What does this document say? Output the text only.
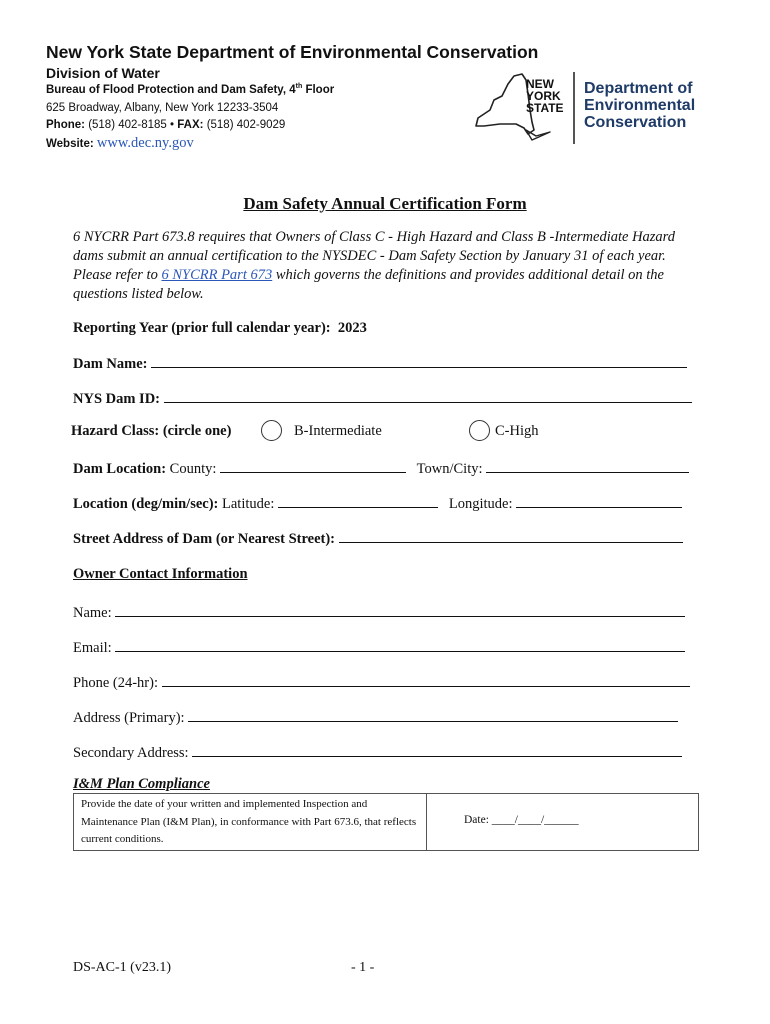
New York State Department of Environmental Conservation
Division of Water
Bureau of Flood Protection and Dam Safety, 4th Floor
625 Broadway, Albany, New York 12233-3504
Phone: (518) 402-8185 • FAX: (518) 402-9029
Website: www.dec.ny.gov
NEW
YORK
STATE
Department of
Environmental
Conservation
Dam Safety Annual Certification Form
6 NYCRR Part 673.8 requires that Owners of Class C - High Hazard and Class B -Intermediate Hazard dams submit an annual certification to the NYSDEC - Dam Safety Section by January 31 of each year. Please refer to 6 NYCRR Part 673 which governs the definitions and provides additional detail on the questions listed below.
Reporting Year (prior full calendar year): 2023
Dam Name:
NYS Dam ID:
Hazard Class: (circle one)	B-Intermediate	C-High
Dam Location: County:	Town/City:
Location (deg/min/sec): Latitude:	Longitude:
Street Address of Dam (or Nearest Street):
Owner Contact Information
Name:
Email:
Phone (24-hr):
Address (Primary):
Secondary Address:
I&M Plan Compliance
Provide the date of your written and implemented Inspection and Maintenance Plan (I&M Plan), in conformance with Part 673.6, that reflects current conditions.
Date: ____/____/______
DS-AC-1 (v23.1)	- 1 -
